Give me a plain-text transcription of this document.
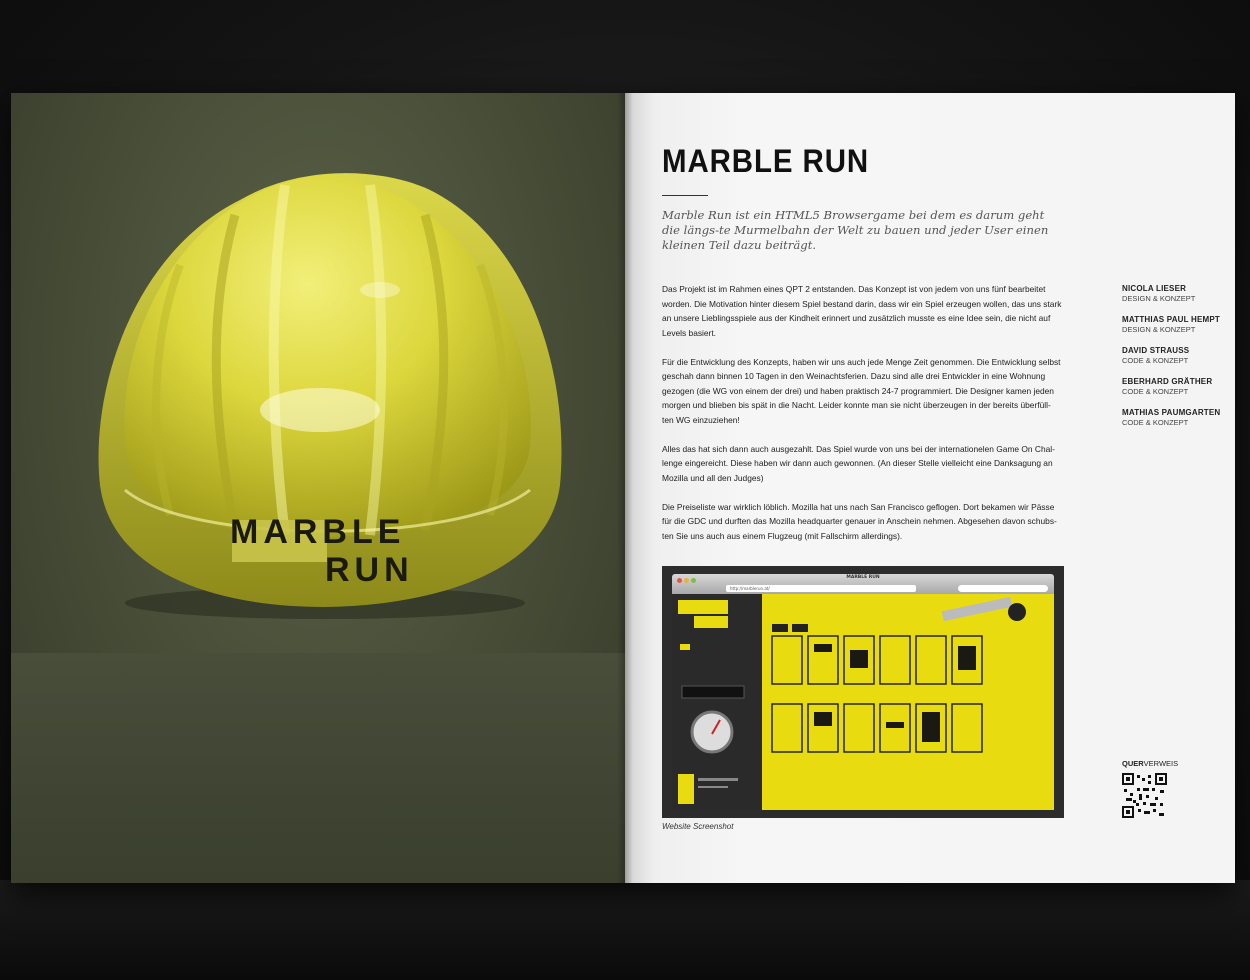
MARBLE
RUN
MARBLE RUN
Marble Run ist ein HTML5 Browsergame bei dem es darum geht die längs-te Murmelbahn der Welt zu bauen und jeder User einen kleinen Teil dazu beiträgt.

Das Projekt ist im Rahmen eines QPT 2 entstanden. Das Konzept ist von jedem von uns fünf bearbeitet worden. Die Motivation hinter diesem Spiel bestand darin, dass wir ein Spiel erzeugen wollen, das uns stark an unsere Lieblingsspiele aus der Kindheit erinnert und zusätzlich musste es eine Idee sein, die nicht auf Levels basiert.

Für die Entwicklung des Konzepts, haben wir uns auch jede Menge Zeit genommen. Die Entwicklung selbst geschah dann binnen 10 Tagen in den Weinachtsferien. Dazu sind alle drei Entwickler in eine Wohnung gezogen (die WG von einem der drei) und haben praktisch 24-7 programmiert. Die Designer kamen jeden morgen und blieben bis spät in die Nacht. Leider konnte man sie nicht überzeugen in der bereits überfüll-ten WG einzuziehen!

Alles das hat sich dann auch ausgezahlt. Das Spiel wurde von uns bei der internationelen Game On Chal-lenge eingereicht. Diese haben wir dann auch gewonnen. (An dieser Stelle vielleicht eine Danksagung an Mozilla und all den Judges)

Die Preiseliste war wirklich löblich. Mozilla hat uns nach San Francisco geflogen. Dort bekamen wir Pässe für die GDC und durften das Mozilla headquarter genauer in Anschein nehmen. Abgesehen davon schubs-ten Sie uns auch aus einem Flugzeug (mit Fallschirm allerdings).

NICOLA LIESER
DESIGN & KONZEPT
MATTHIAS PAUL HEMPT
DESIGN & KONZEPT
DAVID STRAUSS
CODE & KONZEPT
EBERHARD GRÄTHER
CODE & KONZEPT
MATHIAS PAUMGARTEN
CODE & KONZEPT
MARBLE RUN
http://marblerun.at/
Website Screenshot
QUERVERWEIS
